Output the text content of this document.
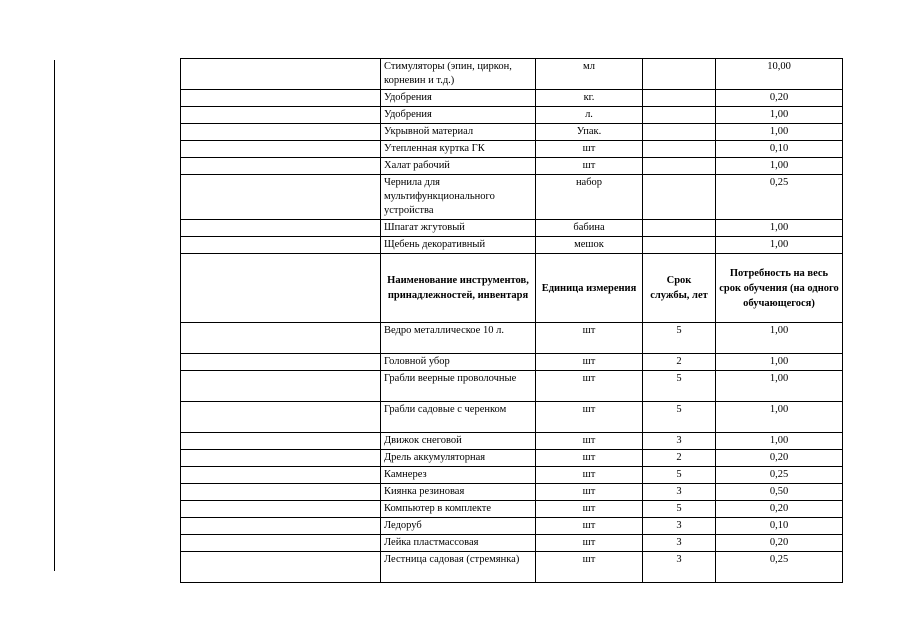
	Стимуляторы (эпин, циркон, корневин и т.д.)	мл		10,00
	Удобрения	кг.		0,20
	Удобрения	л.		1,00
	Укрывной материал	Упак.		1,00
	Утепленная куртка ГК	шт		0,10
	Халат рабочий	шт		1,00
	Чернила для мультифункционального устройства	набор		0,25
	Шпагат жгутовый	бабина		1,00
	Щебень декоративный	мешок		1,00
	Наименование инструментов, принадлежностей, инвентаря	Единица измерения	Срок службы, лет	Потребность на весь срок обучения (на одного обучающегося)
	Ведро металлическое 10 л.	шт	5	1,00
	Головной убор	шт	2	1,00
	Грабли веерные проволочные	шт	5	1,00
	Грабли садовые с черенком	шт	5	1,00
	Движок снеговой	шт	3	1,00
	Дрель аккумуляторная	шт	2	0,20
	Камнерез	шт	5	0,25
	Киянка резиновая	шт	3	0,50
	Компьютер в комплекте	шт	5	0,20
	Ледоруб	шт	3	0,10
	Лейка пластмассовая	шт	3	0,20
	Лестница садовая (стремянка)	шт	3	0,25
